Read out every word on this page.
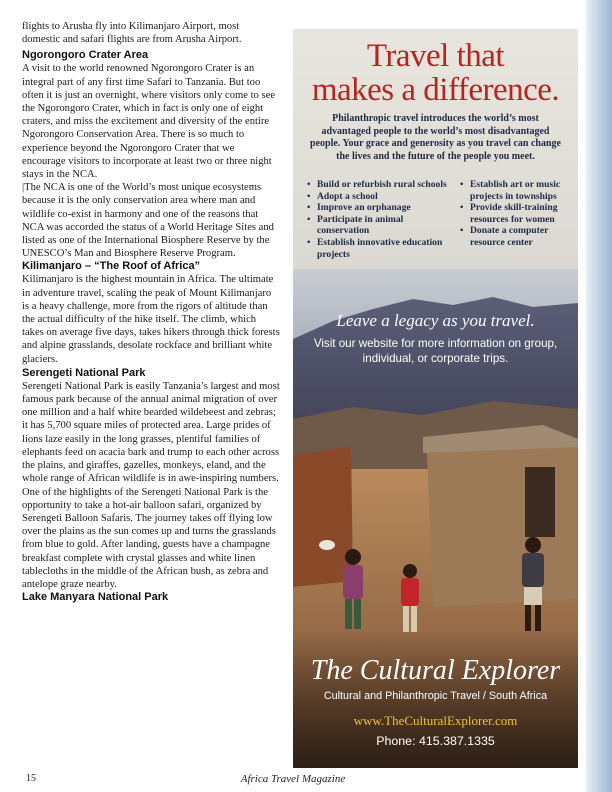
flights to Arusha fly into Kilimanjaro Airport, most domestic and safari flights are from Arusha Airport.

Ngorongoro Crater Area

A visit to the world renowned Ngorongoro Crater is an integral part of any first time Safari to Tanzania. But too often it is just an overnight, where visitors only come to see the Ngorongoro Crater, which in fact is only one of eight craters, and miss the excitement and diversity of the entire Ngorongoro Conservation Area. There is so much to experience beyond the Ngorongoro Crater that we encourage visitors to incorporate at least two or three night stays in the NCA.

|The NCA is one of the World’s most unique ecosystems because it is the only conservation area where man and wildlife co-exist in harmony and one of the reasons that NCA was accorded the status of a World Heritage Sites and listed as one of the International Biosphere Reserve by the UNESCO’s Man and Biosphere Reserve Program.

Kilimanjaro – “The Roof of Africa”

Kilimanjaro is the highest mountain in Africa. The ultimate in adventure travel, scaling the peak of Mount Kilimanjaro is a heavy challenge, more from the rigors of altitude than the actual difficulty of the hike itself. The climb, which takes on average five days, takes hikers through thick forests and alpine grasslands, desolate rockface and brilliant white glaciers.

Serengeti National Park

Serengeti National Park is easily Tanzania’s largest and most famous park because of the annual animal migration of over one million and a half white bearded wildebeest and zebras; it has 5,700 square miles of protected area. Large prides of lions laze easily in the long grasses, plentiful families of elephants feed on acacia bark and trump to each other across the plains, and giraffes, gazelles, monkeys, eland, and the whole range of African wildlife is in awe-inspiring numbers.

One of the highlights of the Serengeti National Park is the opportunity to take a hot-air balloon safari, organized by Serengeti Balloon Safaris. The journey takes off flying low over the plains as the sun comes up and turns the grasslands from blue to gold. After landing, guests have a champagne breakfast complete with crystal glasses and white linen tablecloths in the middle of the African bush, as zebra and antelope graze nearby.

Lake Manyara National Park
Travel that
makes a difference.
Philanthropic travel introduces the world’s most advantaged people to the world’s most disadvantaged people. Your grace and generosity as you travel can change the lives and the future of the people you meet.
• Build or refurbish rural schools
• Adopt a school
• Improve an orphanage
• Participate in animal conservation
• Establish innovative education projects
• Establish art or music projects in townships
• Provide skill-training resources for women
• Donate a computer resource center
Leave a legacy as you travel.
Visit our website for more information on group, individual, or corporate trips.
The Cultural Explorer
Cultural and Philanthropic Travel / South Africa
www.TheCulturalExplorer.com
Phone: 415.387.1335
Africa Travel Magazine
15
